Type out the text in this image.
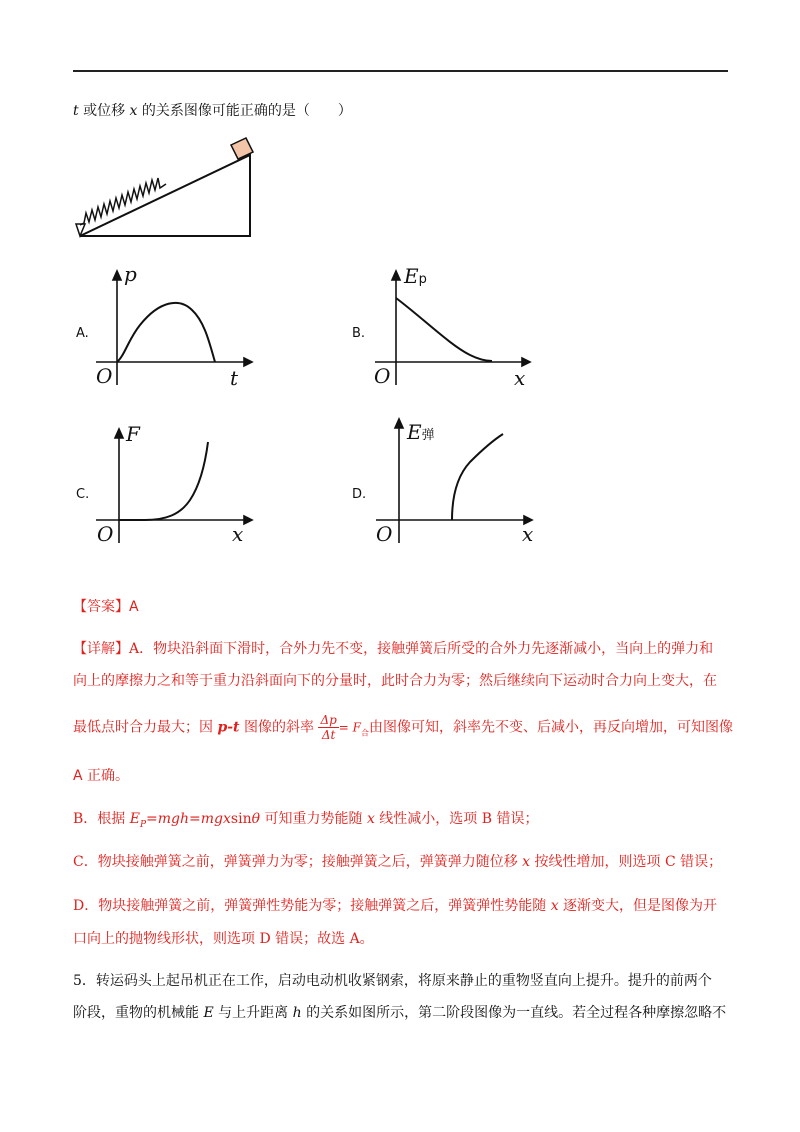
t 或位移 x 的关系图像可能正确的是（　　）
A.
p
t
O
B.
Ep
x
O
C.
F
x
O
D.
E弹
x
O
【答案】A
【详解】A．物块沿斜面下滑时，合外力先不变，接触弹簧后所受的合外力先逐渐减小，当向上的弹力和
向上的摩擦力之和等于重力沿斜面向下的分量时，此时合力为零；然后继续向下运动时合力向上变大，在
最低点时合力最大；因 p-t 图像的斜率 $\frac{\Delta p}{\Delta t} = F_合$由图像可知，斜率先不变、后减小，再反向增加，可知图像
A 正确。
B．根据 $E_P=mgh=mgxsin\theta$ 可知重力势能随 x 线性减小，选项 B 错误；
C．物块接触弹簧之前，弹簧弹力为零；接触弹簧之后，弹簧弹力随位移 x 按线性增加，则选项 C 错误；
D．物块接触弹簧之前，弹簧弹性势能为零；接触弹簧之后，弹簧弹性势能随 x 逐渐变大，但是图像为开
口向上的抛物线形状，则选项 D 错误；故选 A。
5．转运码头上起吊机正在工作，启动电动机收紧钢索，将原来静止的重物竖直向上提升。提升的前两个
阶段，重物的机械能 E 与上升距离 h 的关系如图所示，第二阶段图像为一直线。若全过程各种摩擦忽略不
